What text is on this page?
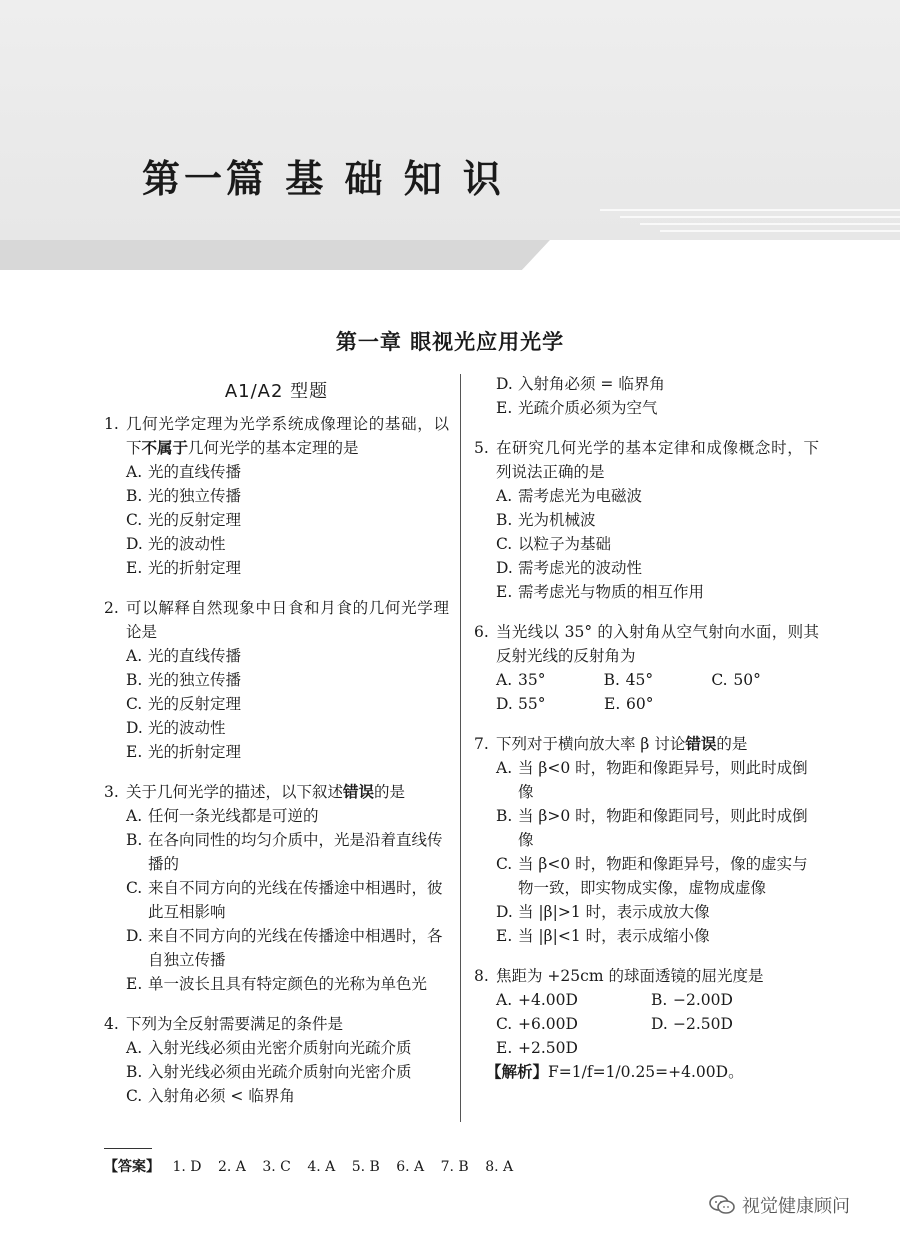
第一篇 基 础 知 识
第一章 眼视光应用光学
A1/A2 型题
1. 几何光学定理为光学系统成像理论的基础，以下不属于几何光学的基本定理的是
A. 光的直线传播
B. 光的独立传播
C. 光的反射定理
D. 光的波动性
E. 光的折射定理
2. 可以解释自然现象中日食和月食的几何光学理论是
A. 光的直线传播
B. 光的独立传播
C. 光的反射定理
D. 光的波动性
E. 光的折射定理
3. 关于几何光学的描述，以下叙述错误的是
A. 任何一条光线都是可逆的
B. 在各向同性的均匀介质中，光是沿着直线传播的
C. 来自不同方向的光线在传播途中相遇时，彼此互相影响
D. 来自不同方向的光线在传播途中相遇时，各自独立传播
E. 单一波长且具有特定颜色的光称为单色光
4. 下列为全反射需要满足的条件是
A. 入射光线必须由光密介质射向光疏介质
B. 入射光线必须由光疏介质射向光密介质
C. 入射角必须 < 临界角
D. 入射角必须 = 临界角
E. 光疏介质必须为空气
5. 在研究几何光学的基本定律和成像概念时，下列说法正确的是
A. 需考虑光为电磁波
B. 光为机械波
C. 以粒子为基础
D. 需考虑光的波动性
E. 需考虑光与物质的相互作用
6. 当光线以 35° 的入射角从空气射向水面，则其反射光线的反射角为
A. 35°	B. 45°	C. 50°
D. 55°	E. 60°
7. 下列对于横向放大率 β 讨论错误的是
A. 当 β<0 时，物距和像距异号，则此时成倒像
B. 当 β>0 时，物距和像距同号，则此时成倒像
C. 当 β<0 时，物距和像距异号，像的虚实与物一致，即实物成实像，虚物成虚像
D. 当 |β|>1 时，表示成放大像
E. 当 |β|<1 时，表示成缩小像
8. 焦距为 +25cm 的球面透镜的屈光度是
A. +4.00D	B. −2.00D
C. +6.00D	D. −2.50D
E. +2.50D
【解析】F=1/f=1/0.25=+4.00D。
【答案】 1. D 2. A 3. C 4. A 5. B 6. A 7. B 8. A
视觉健康顾问
